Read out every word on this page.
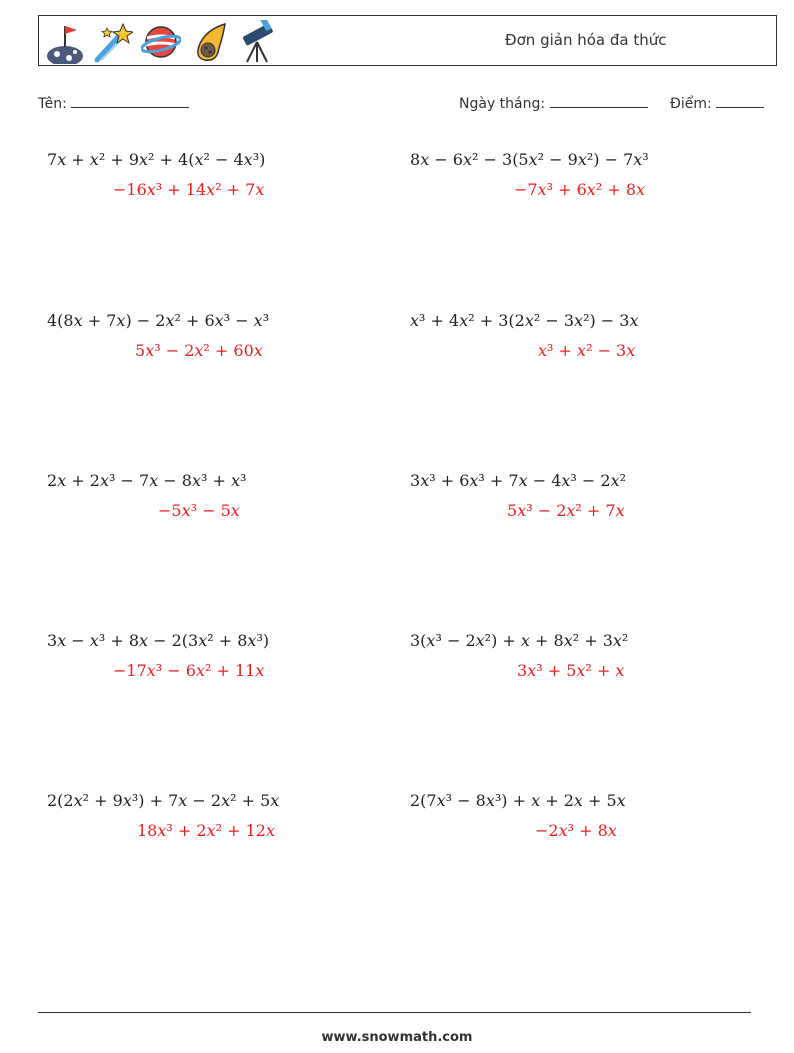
Đơn giản hóa đa thức
Tên:	Ngày tháng:	Điểm:
7x + x² + 9x² + 4(x² − 4x³)
−16x³ + 14x² + 7x
8x − 6x² − 3(5x² − 9x²) − 7x³
−7x³ + 6x² + 8x
4(8x + 7x) − 2x² + 6x³ − x³
5x³ − 2x² + 60x
x³ + 4x² + 3(2x² − 3x²) − 3x
x³ + x² − 3x
2x + 2x³ − 7x − 8x³ + x³
−5x³ − 5x
3x³ + 6x³ + 7x − 4x³ − 2x²
5x³ − 2x² + 7x
3x − x³ + 8x − 2(3x² + 8x³)
−17x³ − 6x² + 11x
3(x³ − 2x²) + x + 8x² + 3x²
3x³ + 5x² + x
2(2x² + 9x³) + 7x − 2x² + 5x
18x³ + 2x² + 12x
2(7x³ − 8x³) + x + 2x + 5x
−2x³ + 8x
www.snowmath.com
